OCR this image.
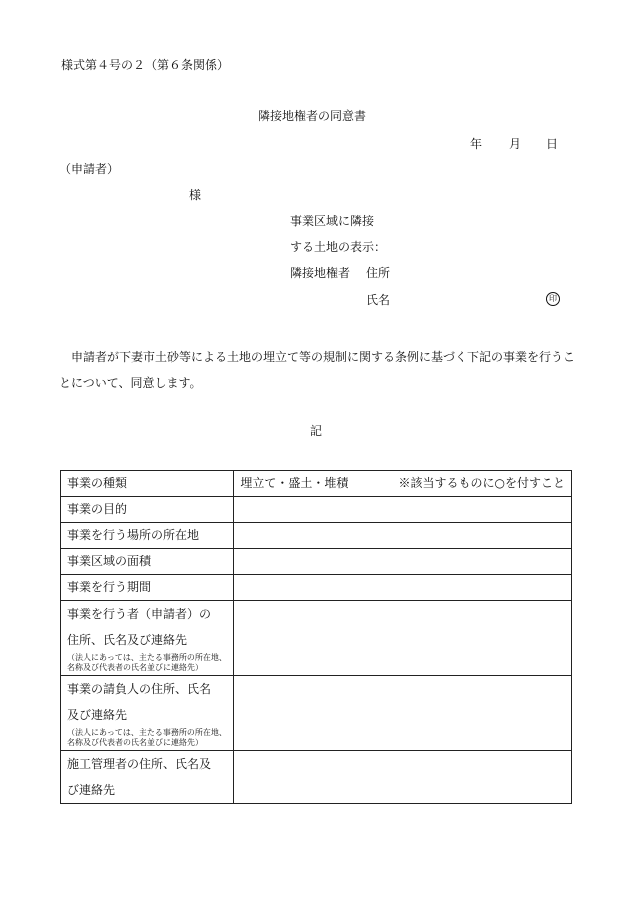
様式第４号の２（第６条関係）
隣接地権者の同意書
年 月 日
（申請者）
様
事業区域に隣接
する土地の表示：
隣接地権者 住所
氏名	印
　申請者が下妻市土砂等による土地の埋立て等の規制に関する条例に基づく下記の事業を行うことについて、同意します。
記
事業の種類	埋立て・盛土・堆積 ※該当するものに○を付すこと

事業の目的	
事業を行う場所の所在地	
事業区域の面積	
事業を行う期間	

事業を行う者（申請者）の
住所、氏名及び連絡先
（法人にあっては、主たる事務所の所在地、名称及び代表者の氏名並びに連絡先）	

事業の請負人の住所、氏名
及び連絡先
（法人にあっては、主たる事務所の所在地、名称及び代表者の氏名並びに連絡先）	

施工管理者の住所、氏名及
び連絡先	
